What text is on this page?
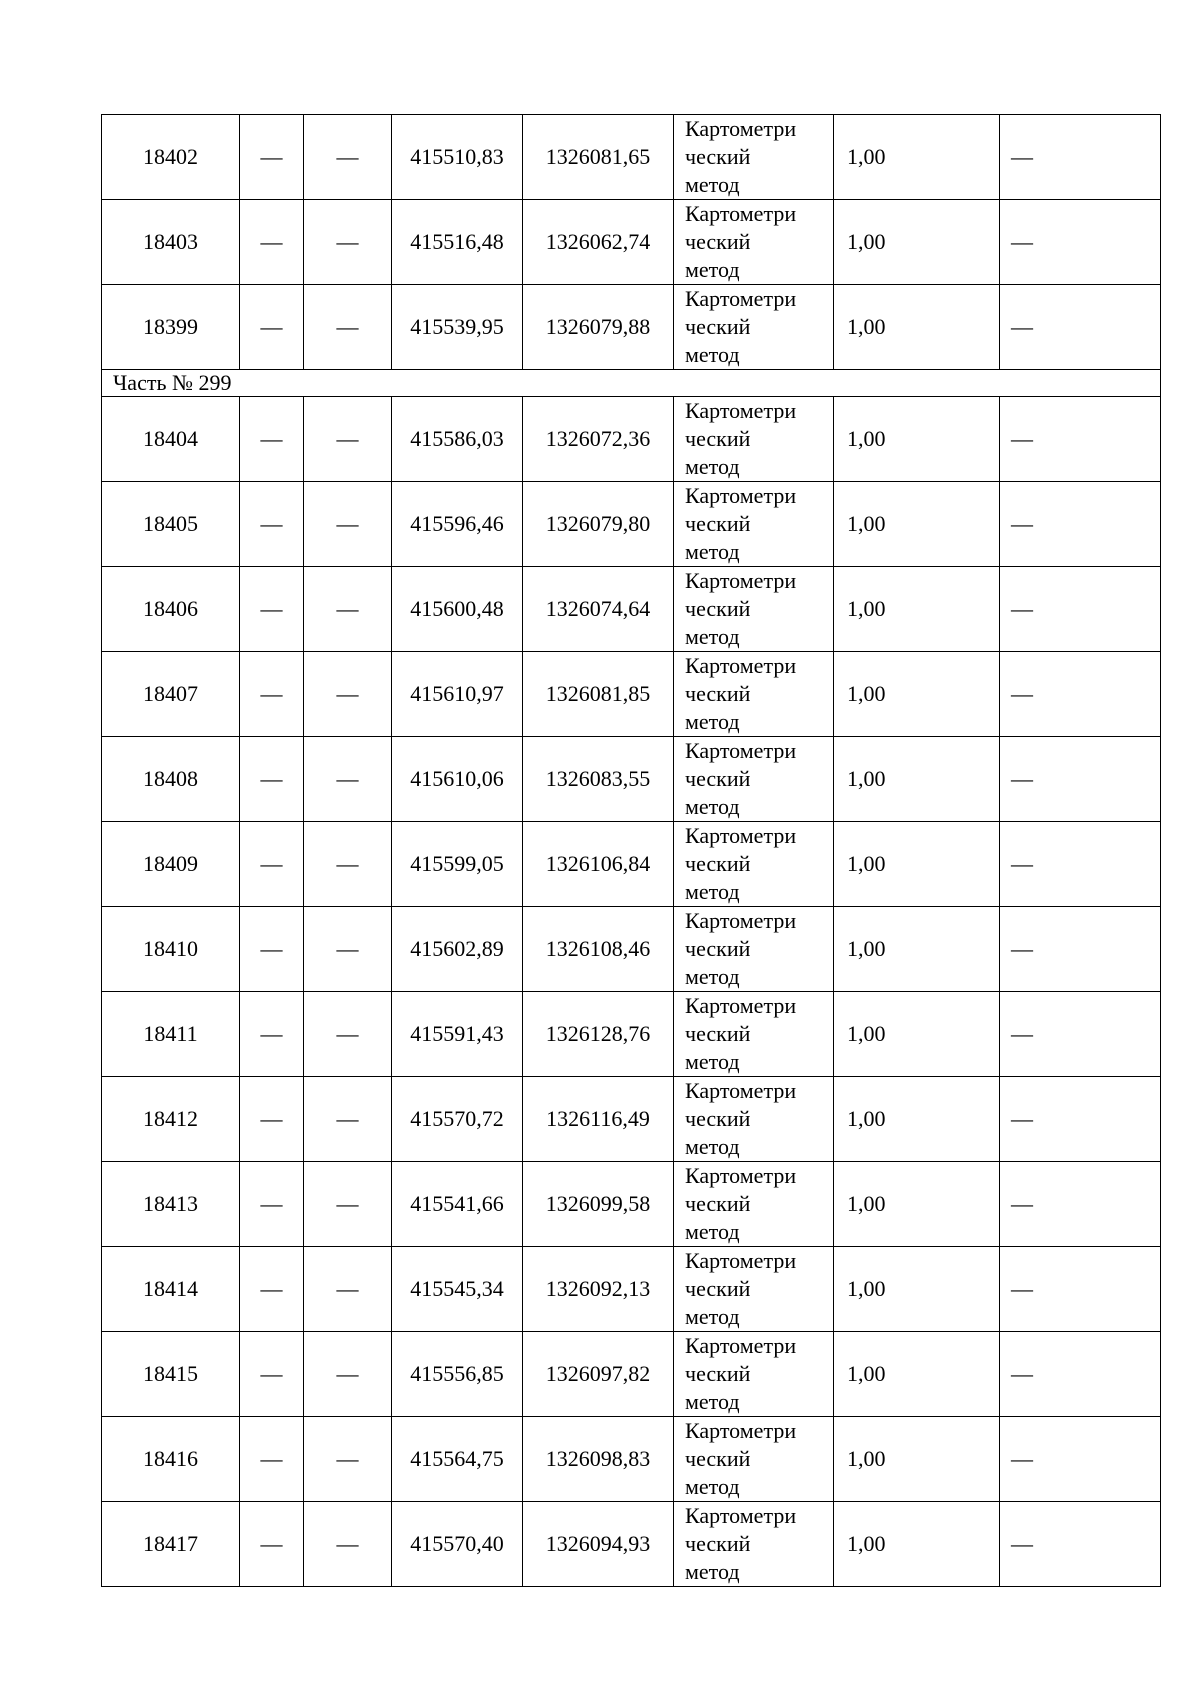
18402	—	—	415510,83	1326081,65	Картометри
ческий
метод	1,00	—
18403	—	—	415516,48	1326062,74	Картометри
ческий
метод	1,00	—
18399	—	—	415539,95	1326079,88	Картометри
ческий
метод	1,00	—
Часть № 299							
18404	—	—	415586,03	1326072,36	Картометри
ческий
метод	1,00	—
18405	—	—	415596,46	1326079,80	Картометри
ческий
метод	1,00	—
18406	—	—	415600,48	1326074,64	Картометри
ческий
метод	1,00	—
18407	—	—	415610,97	1326081,85	Картометри
ческий
метод	1,00	—
18408	—	—	415610,06	1326083,55	Картометри
ческий
метод	1,00	—
18409	—	—	415599,05	1326106,84	Картометри
ческий
метод	1,00	—
18410	—	—	415602,89	1326108,46	Картометри
ческий
метод	1,00	—
18411	—	—	415591,43	1326128,76	Картометри
ческий
метод	1,00	—
18412	—	—	415570,72	1326116,49	Картометри
ческий
метод	1,00	—
18413	—	—	415541,66	1326099,58	Картометри
ческий
метод	1,00	—
18414	—	—	415545,34	1326092,13	Картометри
ческий
метод	1,00	—
18415	—	—	415556,85	1326097,82	Картометри
ческий
метод	1,00	—
18416	—	—	415564,75	1326098,83	Картометри
ческий
метод	1,00	—
18417	—	—	415570,40	1326094,93	Картометри
ческий
метод	1,00	—
